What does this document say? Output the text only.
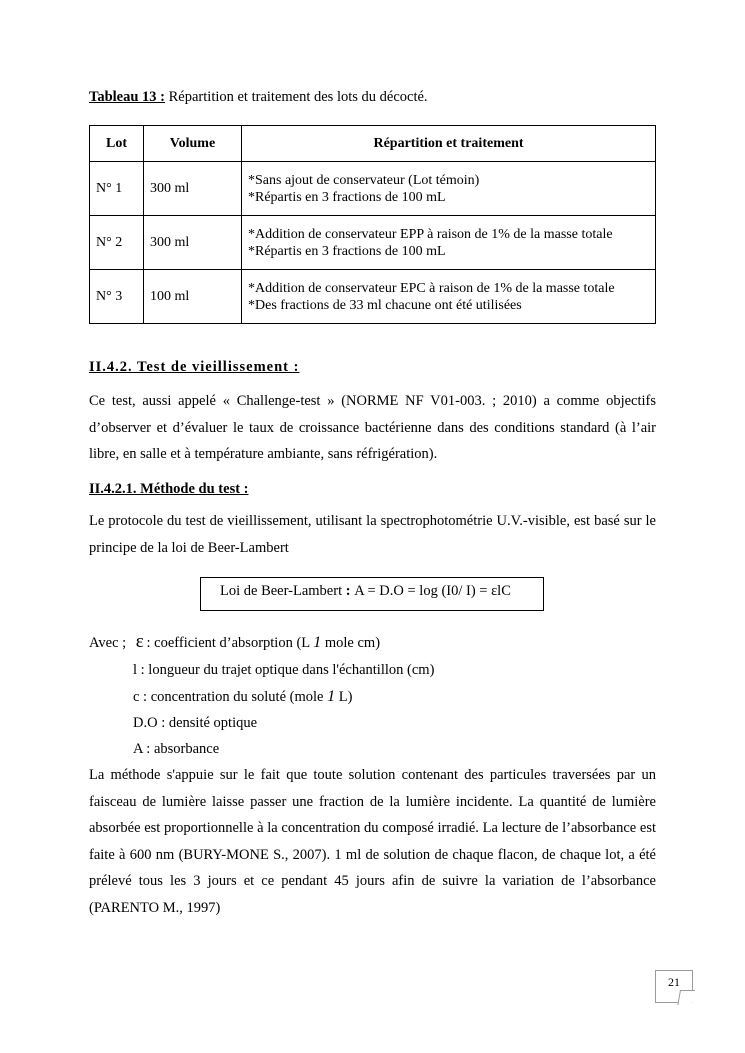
Tableau 13 : Répartition et traitement des lots du décocté.
Lot	Volume	Répartition et traitement
N° 1	300 ml	*Sans ajout de conservateur (Lot témoin)
*Répartis en 3 fractions de 100 mL

N° 2	300 ml	*Addition de conservateur EPP à raison de 1% de la masse totale
*Répartis en 3 fractions de 100 mL

N° 3	100 ml	*Addition de conservateur EPC à raison de 1% de la masse totale
*Des fractions de 33 ml chacune ont été utilisées
II.4.2. Test de vieillissement :
Ce test, aussi appelé « Challenge-test » (NORME NF V01-003. ; 2010) a comme objectifs d’observer et d’évaluer le taux de croissance bactérienne dans des conditions standard (à l’air libre, en salle et à température ambiante, sans réfrigération).
II.4.2.1. Méthode du test :
Le protocole du test de vieillissement, utilisant la spectrophotométrie U.V.-visible, est basé sur le principe de la loi de Beer-Lambert
Loi de Beer-Lambert : A = D.O = log (I0/ I) = εlC
Avec ; ε : coefficient d’absorption (L 1 mole cm)
l : longueur du trajet optique dans l'échantillon (cm)
c : concentration du soluté (mole 1 L)
D.O : densité optique
A : absorbance
La méthode s'appuie sur le fait que toute solution contenant des particules traversées par un faisceau de lumière laisse passer une fraction de la lumière incidente. La quantité de lumière absorbée est proportionnelle à la concentration du composé irradié. La lecture de l’absorbance est faite à 600 nm (BURY-MONE S., 2007). 1 ml de solution de chaque flacon, de chaque lot, a été prélevé tous les 3 jours et ce pendant 45 jours afin de suivre la variation de l’absorbance (PARENTO M., 1997)
21
